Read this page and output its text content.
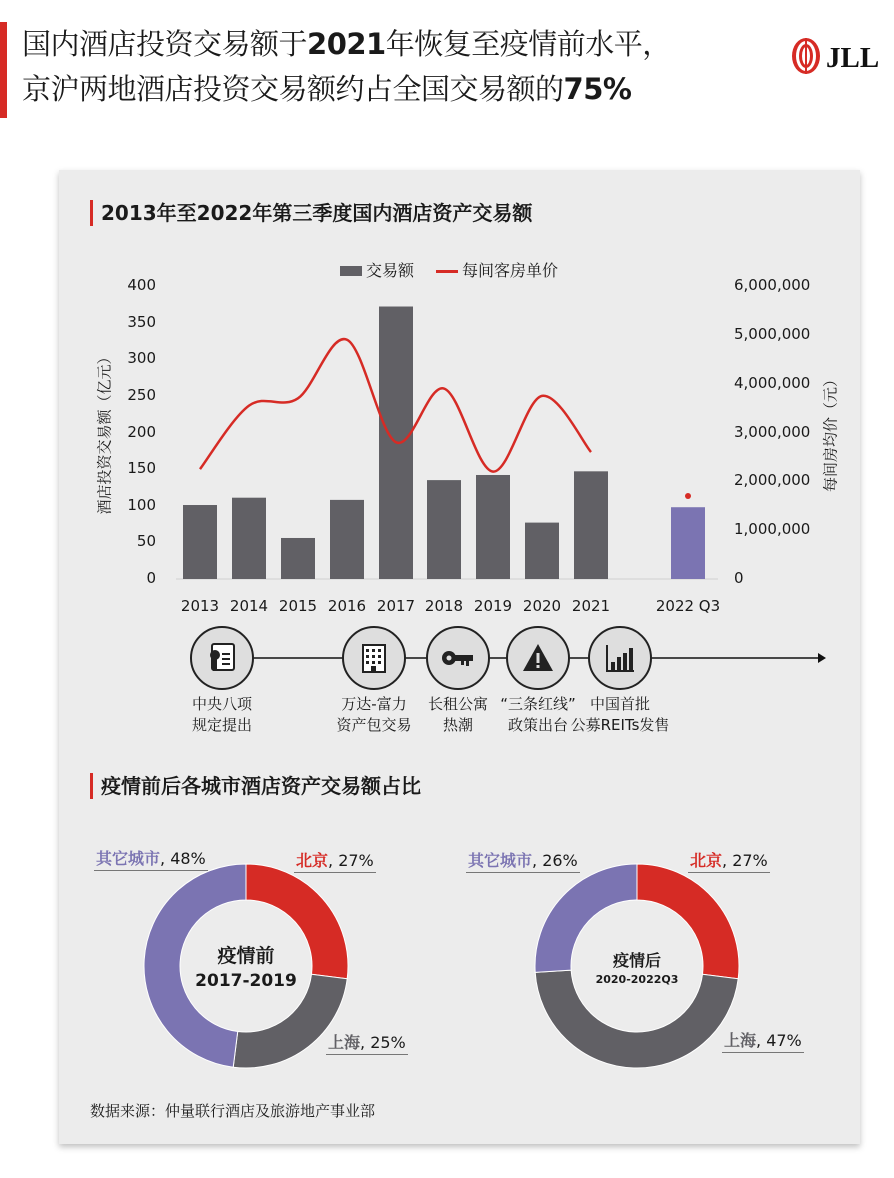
国内酒店投资交易额于2021年恢复至疫情前水平，
京沪两地酒店投资交易额约占全国交易额的75%
JLL
2013年至2022年第三季度国内酒店资产交易额
交易额	每间客房单价
400
350
300
250
200
150
100
50
0
6,000,000
5,000,000
4,000,000
3,000,000
2,000,000
1,000,000
0
2013 2014 2015 2016 2017 2018 2019 2020 2021	2022 Q3
酒店投资交易额（亿元）	每间房均价（元）
中央八项
规定提出
万达-富力
资产包交易
长租公寓
热潮
“三条红线”
政策出台
中国首批
公募REITs发售
疫情前后各城市酒店资产交易额占比
其它城市, 48%	北京, 27%
上海, 25%
疫情前
2017-2019
其它城市, 26%	北京, 27%
上海, 47%
疫情后
2020-2022Q3
数据来源：仲量联行酒店及旅游地产事业部
